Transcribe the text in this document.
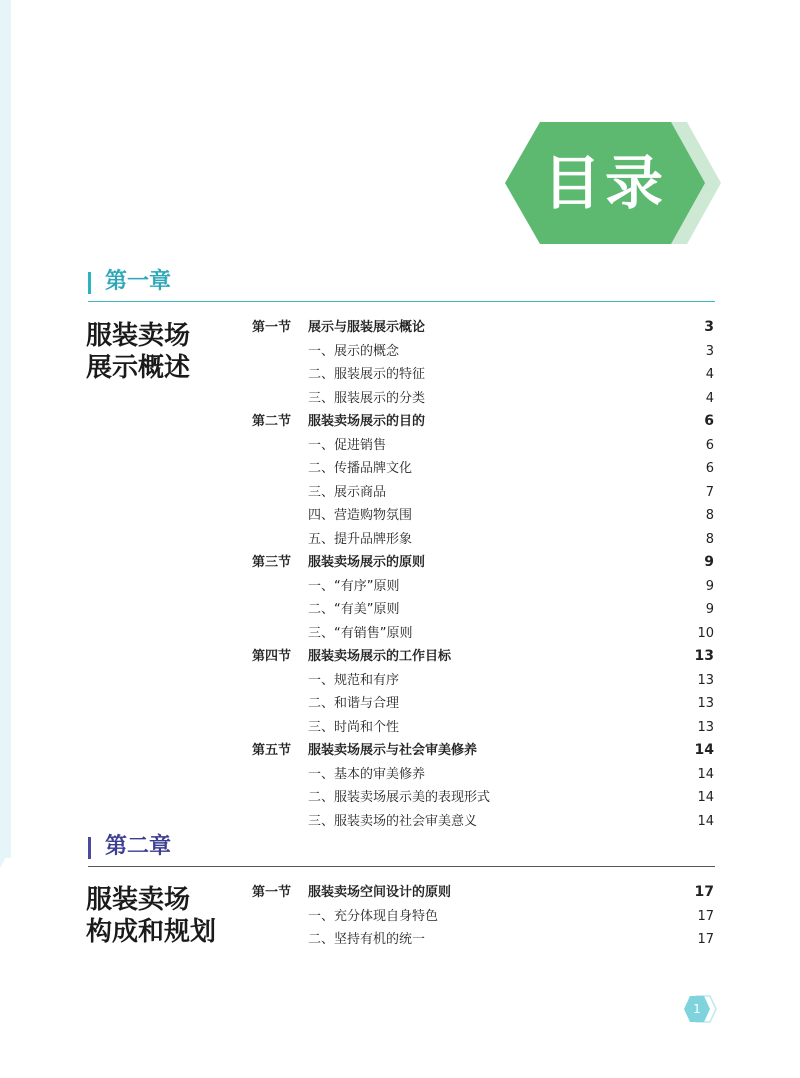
目录
第一章
服装卖场
展示概述
第一节 展示与服装展示概论	3
一、展示的概念	3
二、服装展示的特征	4
三、服装展示的分类	4
第二节 服装卖场展示的目的	6
一、促进销售	6
二、传播品牌文化	6
三、展示商品	7
四、营造购物氛围	8
五、提升品牌形象	8
第三节 服装卖场展示的原则	9
一、“有序”原则	9
二、“有美”原则	9
三、“有销售”原则	10
第四节 服装卖场展示的工作目标	13
一、规范和有序	13
二、和谐与合理	13
三、时尚和个性	13
第五节 服装卖场展示与社会审美修养	14
一、基本的审美修养	14
二、服装卖场展示美的表现形式	14
三、服装卖场的社会审美意义	14
第二章
服装卖场
构成和规划
第一节 服装卖场空间设计的原则	17
一、充分体现自身特色	17
二、坚持有机的统一	17
1
